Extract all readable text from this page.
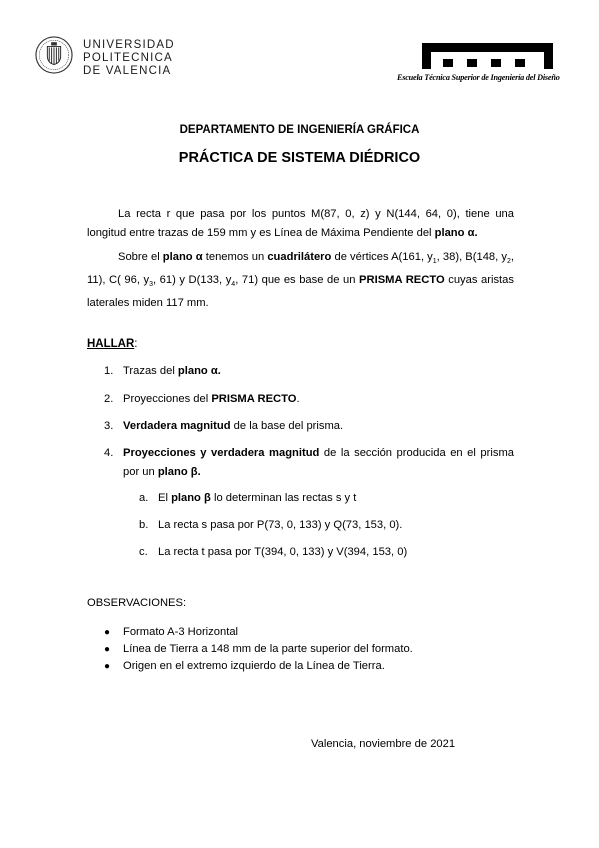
UNIVERSIDAD
POLITECNICA
DE VALENCIA
Escuela Técnica Superior de Ingeniería del Diseño
DEPARTAMENTO DE INGENIERÍA GRÁFICA
PRÁCTICA DE SISTEMA DIÉDRICO
La recta r que pasa por los puntos M(87, 0, z) y N(144, 64, 0), tiene una longitud entre trazas de 159 mm y es Línea de Máxima Pendiente del plano α.
Sobre el plano α tenemos un cuadrilátero de vértices A(161, $y_1$, 38), B(148, $y_2$, 11), C( 96, $y_3$, 61) y D(133, $y_4$, 71) que es base de un PRISMA RECTO cuyas aristas laterales miden 117 mm.
HALLAR:
1. Trazas del plano α.
2. Proyecciones del PRISMA RECTO.
3. Verdadera magnitud de la base del prisma.
4. Proyecciones y verdadera magnitud de la sección producida en el prisma por un plano β.
a. El plano β lo determinan las rectas s y t
b. La recta s pasa por P(73, 0, 133) y Q(73, 153, 0).
c. La recta t pasa por T(394, 0, 133) y V(394, 153, 0)
OBSERVACIONES:
● Formato A-3 Horizontal
● Línea de Tierra a 148 mm de la parte superior del formato.
● Origen en el extremo izquierdo de la Línea de Tierra.
Valencia, noviembre de 2021
